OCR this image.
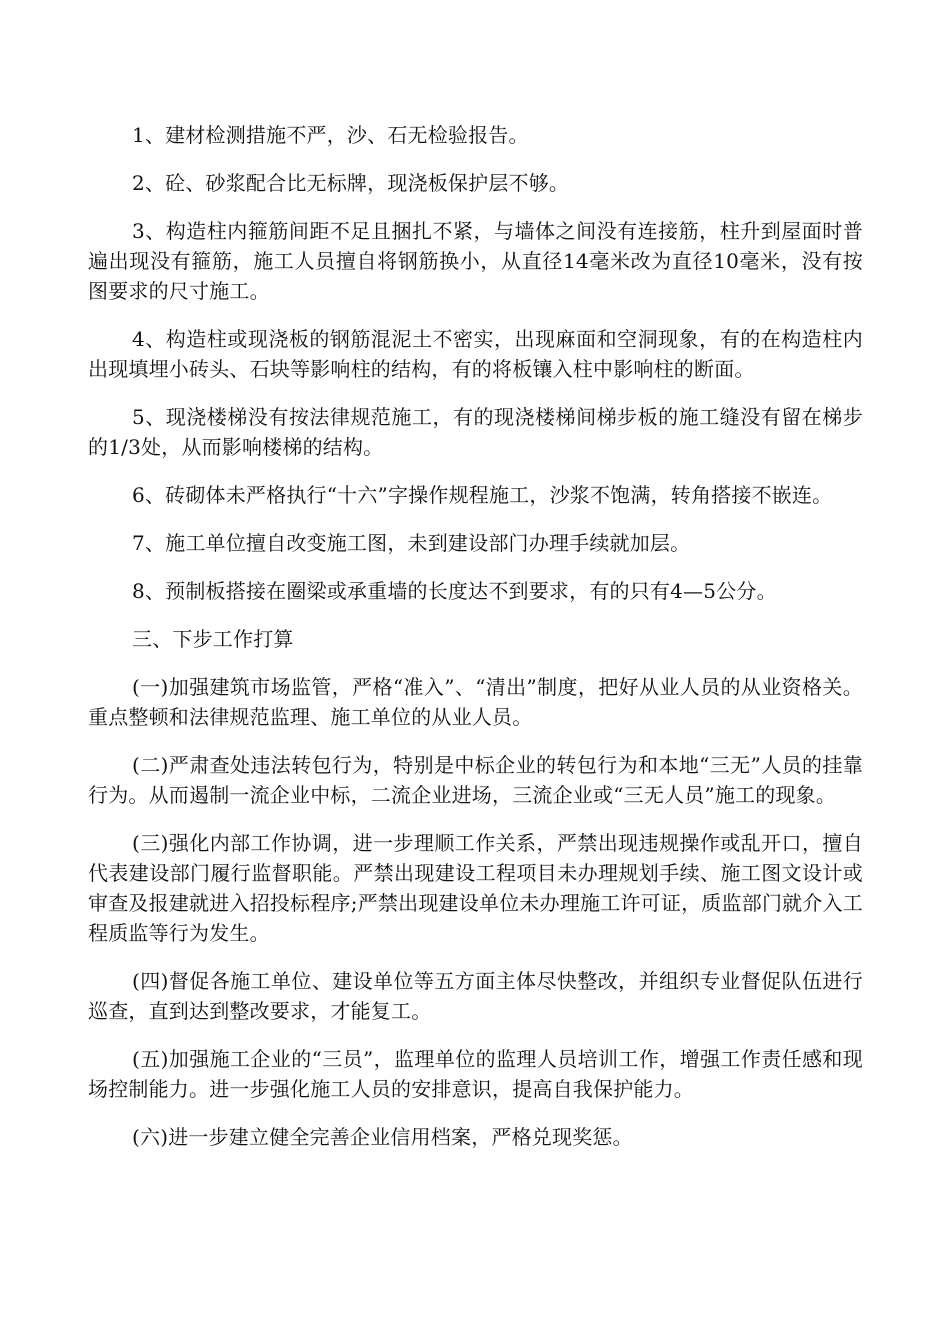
1、建材检测措施不严，沙、石无检验报告。

2、砼、砂浆配合比无标牌，现浇板保护层不够。

3、构造柱内箍筋间距不足且捆扎不紧，与墙体之间没有连接筋，柱升到屋面时普遍出现没有箍筋，施工人员擅自将钢筋换小，从直径14毫米改为直径10毫米，没有按图要求的尺寸施工。

4、构造柱或现浇板的钢筋混泥土不密实，出现麻面和空洞现象，有的在构造柱内出现填埋小砖头、石块等影响柱的结构，有的将板镶入柱中影响柱的断面。

5、现浇楼梯没有按法律规范施工，有的现浇楼梯间梯步板的施工缝没有留在梯步的1/3处，从而影响楼梯的结构。

6、砖砌体未严格执行“十六”字操作规程施工，沙浆不饱满，转角搭接不嵌连。

7、施工单位擅自改变施工图，未到建设部门办理手续就加层。

8、预制板搭接在圈梁或承重墙的长度达不到要求，有的只有4—5公分。

三、下步工作打算

(一)加强建筑市场监管，严格“准入”、“清出”制度，把好从业人员的从业资格关。重点整顿和法律规范监理、施工单位的从业人员。

(二)严肃查处违法转包行为，特别是中标企业的转包行为和本地“三无”人员的挂靠行为。从而遏制一流企业中标，二流企业进场，三流企业或“三无人员”施工的现象。

(三)强化内部工作协调，进一步理顺工作关系，严禁出现违规操作或乱开口，擅自代表建设部门履行监督职能。严禁出现建设工程项目未办理规划手续、施工图文设计或审查及报建就进入招投标程序;严禁出现建设单位未办理施工许可证，质监部门就介入工程质监等行为发生。

(四)督促各施工单位、建设单位等五方面主体尽快整改，并组织专业督促队伍进行巡查，直到达到整改要求，才能复工。

(五)加强施工企业的“三员”，监理单位的监理人员培训工作，增强工作责任感和现场控制能力。进一步强化施工人员的安排意识，提高自我保护能力。

(六)进一步建立健全完善企业信用档案，严格兑现奖惩。
